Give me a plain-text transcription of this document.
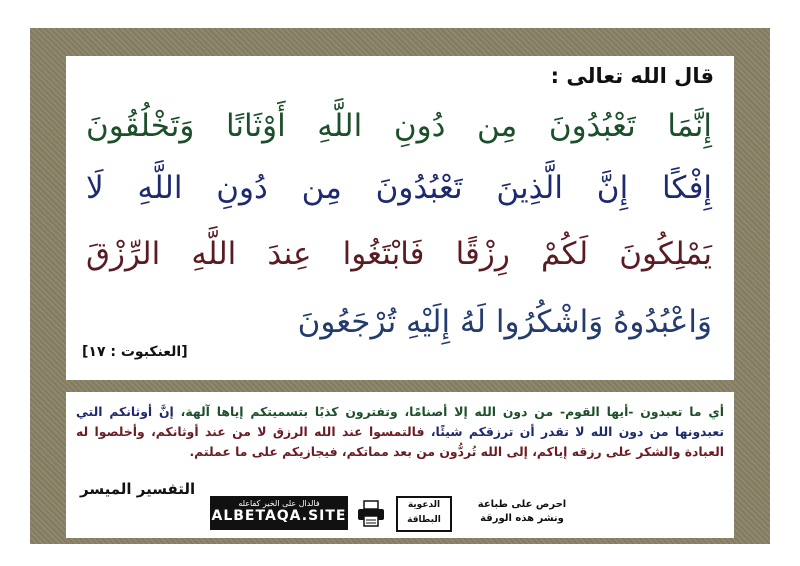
قال الله تعالى :
إِنَّمَا تَعْبُدُونَ مِن دُونِ اللَّهِ أَوْثَانًا وَتَخْلُقُونَ
إِفْكًا إِنَّ الَّذِينَ تَعْبُدُونَ مِن دُونِ اللَّهِ لَا
يَمْلِكُونَ لَكُمْ رِزْقًا فَابْتَغُوا عِندَ اللَّهِ الرِّزْقَ
وَاعْبُدُوهُ وَاشْكُرُوا لَهُ إِلَيْهِ تُرْجَعُونَ
[العنكبوت : ١٧]
أي ما تعبدون -أيها القوم- من دون الله إلا أصنامًا، وتفترون كذبًا بتسميتكم إياها آلهة، إنَّ أوثانكم التي تعبدونها من دون الله لا تقدر أن ترزقكم شيئًا، فالتمسوا عند الله الرزق لا من عند أوثانكم، وأخلصوا له العبادة والشكر على رزقه إياكم، إلى الله تُردُّون من بعد مماتكم، فيجازيكم على ما عملتم.
التفسير الميسر
فالدال على الخير كفاعله
ALBETAQA.SITE
الدعوية البطاقة
احرص على طباعة
ونشر هذه الورقة
